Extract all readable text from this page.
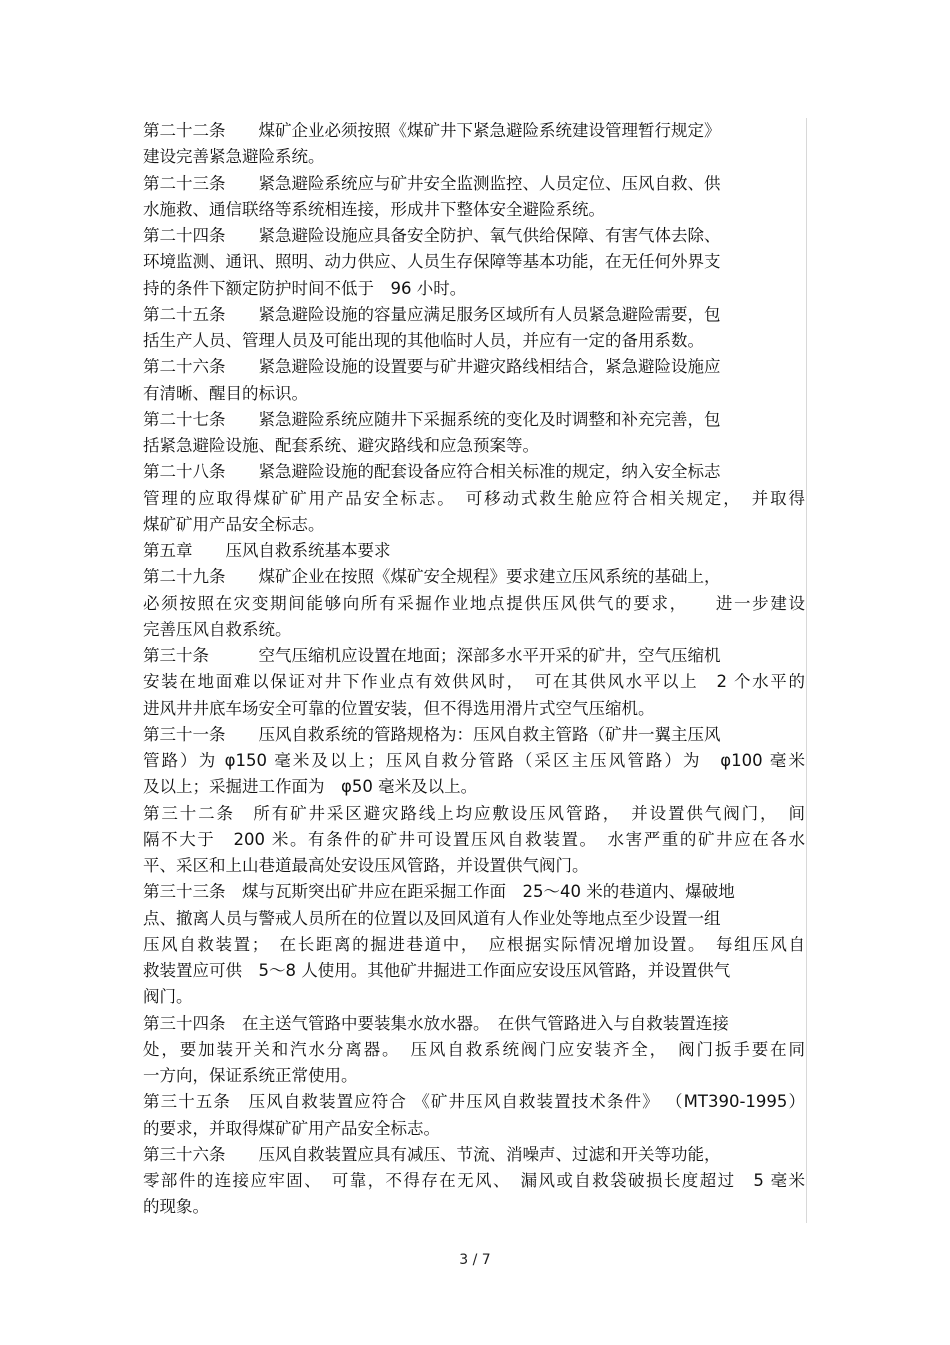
第二十二条　　煤矿企业必须按照《煤矿井下紧急避险系统建设管理暂行规定》
建设完善紧急避险系统。
第二十三条　　紧急避险系统应与矿井安全监测监控、人员定位、压风自救、供
水施救、通信联络等系统相连接，形成井下整体安全避险系统。
第二十四条　　紧急避险设施应具备安全防护、氧气供给保障、有害气体去除、
环境监测、通讯、照明、动力供应、人员生存保障等基本功能，在无任何外界支
持的条件下额定防护时间不低于　96 小时。
第二十五条　　紧急避险设施的容量应满足服务区域所有人员紧急避险需要，包
括生产人员、管理人员及可能出现的其他临时人员，并应有一定的备用系数。
第二十六条　　紧急避险设施的设置要与矿井避灾路线相结合，紧急避险设施应
有清晰、醒目的标识。
第二十七条　　紧急避险系统应随井下采掘系统的变化及时调整和补充完善，包
括紧急避险设施、配套系统、避灾路线和应急预案等。
第二十八条　　紧急避险设施的配套设备应符合相关标准的规定，纳入安全标志
管理的应取得煤矿矿用产品安全标志。　可移动式救生舱应符合相关规定，　并取得
煤矿矿用产品安全标志。
第五章　　压风自救系统基本要求
第二十九条　　煤矿企业在按照《煤矿安全规程》要求建立压风系统的基础上，
必须按照在灾变期间能够向所有采掘作业地点提供压风供气的要求，　　进一步建设
完善压风自救系统。
第三十条　　　空气压缩机应设置在地面；深部多水平开采的矿井，空气压缩机
安装在地面难以保证对井下作业点有效供风时，　可在其供风水平以上　2 个水平的
进风井井底车场安全可靠的位置安装，但不得选用滑片式空气压缩机。
第三十一条　　压风自救系统的管路规格为：压风自救主管路（矿井一翼主压风
管路）为 φ150 毫米及以上；压风自救分管路（采区主压风管路）为　φ100 毫米
及以上；采掘进工作面为　φ50 毫米及以上。
第三十二条　所有矿井采区避灾路线上均应敷设压风管路，　并设置供气阀门，　间
隔不大于　200 米。有条件的矿井可设置压风自救装置。　水害严重的矿井应在各水
平、采区和上山巷道最高处安设压风管路，并设置供气阀门。
第三十三条　煤与瓦斯突出矿井应在距采掘工作面　25～40 米的巷道内、爆破地
点、撤离人员与警戒人员所在的位置以及回风道有人作业处等地点至少设置一组
压风自救装置；　在长距离的掘进巷道中，　应根据实际情况增加设置。　每组压风自
救装置应可供　5～8 人使用。其他矿井掘进工作面应安设压风管路，并设置供气
阀门。
第三十四条　在主送气管路中要装集水放水器。　在供气管路进入与自救装置连接
处，要加装开关和汽水分离器。　压风自救系统阀门应安装齐全，　阀门扳手要在同
一方向，保证系统正常使用。
第三十五条　压风自救装置应符合 《矿井压风自救装置技术条件》 （MT390-1995）
的要求，并取得煤矿矿用产品安全标志。
第三十六条　　压风自救装置应具有减压、节流、消噪声、过滤和开关等功能，
零部件的连接应牢固、　可靠，不得存在无风、　漏风或自救袋破损长度超过　5 毫米
的现象。
3 / 7
